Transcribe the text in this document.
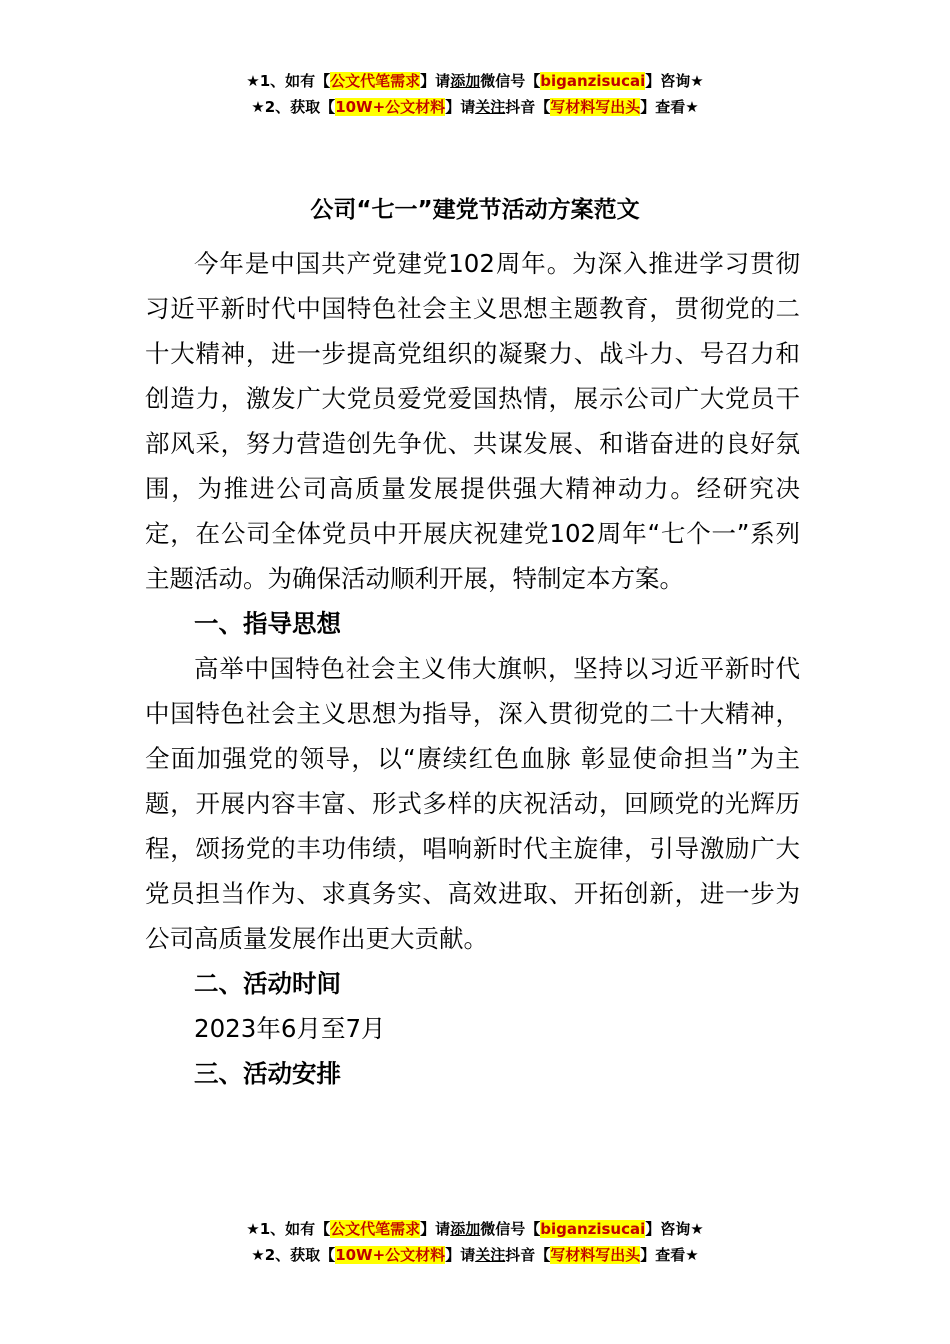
★1、如有【公文代笔需求】请添加微信号【biganzisucai】咨询★
★2、获取【10W+公文材料】请关注抖音【写材料写出头】查看★
公司“七一”建党节活动方案范文

今年是中国共产党建党102周年。为深入推进学习贯彻习近平新时代中国特色社会主义思想主题教育，贯彻党的二十大精神，进一步提高党组织的凝聚力、战斗力、号召力和创造力，激发广大党员爱党爱国热情，展示公司广大党员干部风采，努力营造创先争优、共谋发展、和谐奋进的良好氛围，为推进公司高质量发展提供强大精神动力。经研究决定，在公司全体党员中开展庆祝建党102周年“七个一”系列主题活动。为确保活动顺利开展，特制定本方案。

一、指导思想

高举中国特色社会主义伟大旗帜，坚持以习近平新时代中国特色社会主义思想为指导，深入贯彻党的二十大精神，全面加强党的领导，以“赓续红色血脉 彰显使命担当”为主题，开展内容丰富、形式多样的庆祝活动，回顾党的光辉历程，颂扬党的丰功伟绩，唱响新时代主旋律，引导激励广大党员担当作为、求真务实、高效进取、开拓创新，进一步为公司高质量发展作出更大贡献。

二、活动时间

2023年6月至7月

三、活动安排

★1、如有【公文代笔需求】请添加微信号【biganzisucai】咨询★
★2、获取【10W+公文材料】请关注抖音【写材料写出头】查看★
